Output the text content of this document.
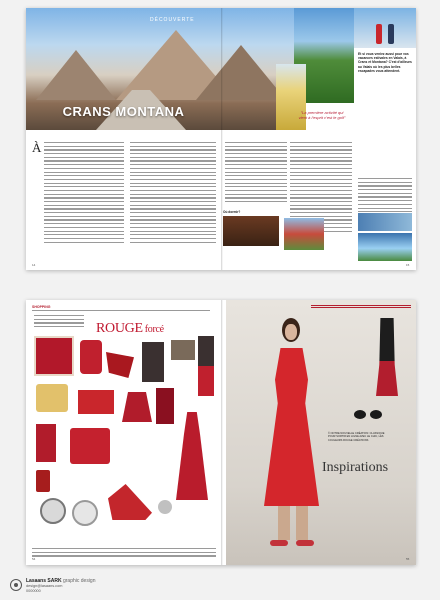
DÉCOUVERTE
CRANS MONTANA	"La première activité qui vient à l'esprit c'est le golf"
Et si vous veniez aussi pour vos vacances estivales en Valais, à Crans et Montana? C'est d'ailleurs au Valais où les plus belles escapades vous attendent.
À
Où dormir?
14	15
SHOPPING
ROUGE forcé
© NOTRE NOUVELLE CRÉATION: CLASSIQUE POUR SORTIR EN LIGNE AVEC LE CHIC, LES COULEURS ROUGE CRÉATIONS
Inspirations
54	55
Lasaans SARK graphic design
design@lasaans.com
0000000
